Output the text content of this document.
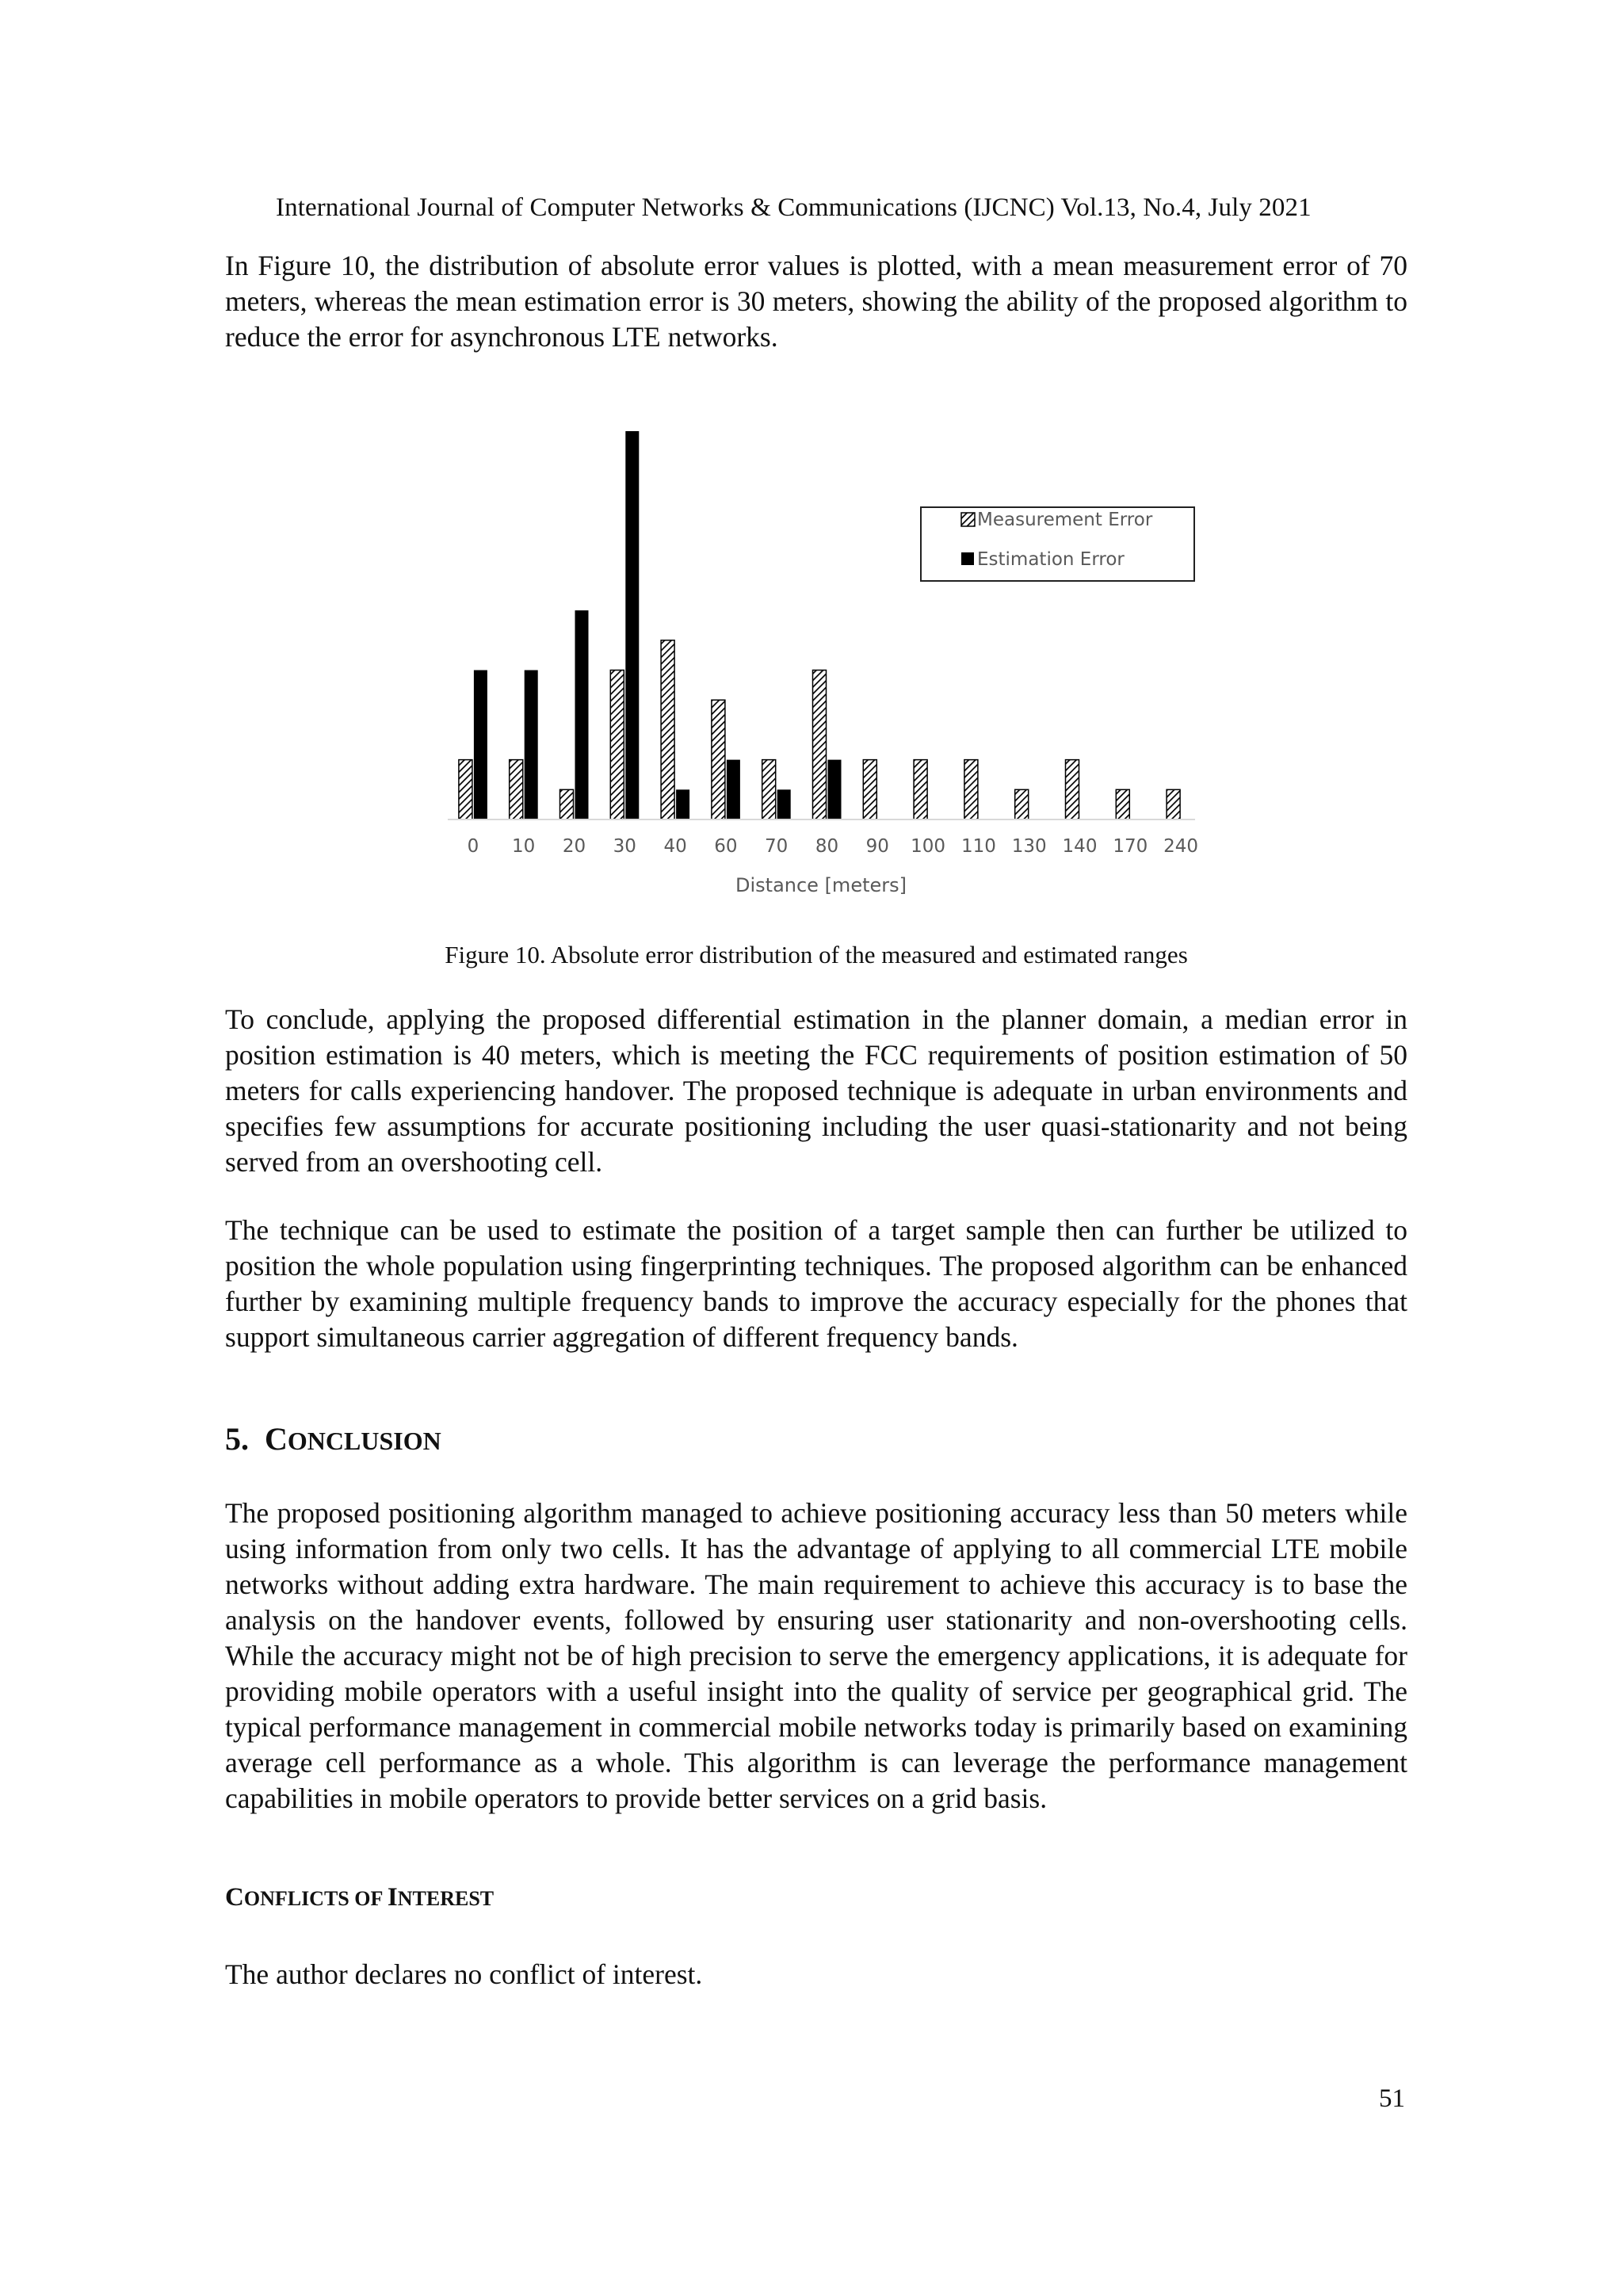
International Journal of Computer Networks & Communications (IJCNC) Vol.13, No.4, July 2021

In Figure 10, the distribution of absolute error values is plotted, with a mean measurement error of 70 meters, whereas the mean estimation error is 30 meters, showing the ability of the proposed algorithm to reduce the error for asynchronous LTE networks.

0 10 20 30 40 60 70 80 90 100 110 130 140 170 240
Distance [meters]
Measurement Error
Estimation Error
Figure 10. Absolute error distribution of the measured and estimated ranges

To conclude, applying the proposed differential estimation in the planner domain, a median error in position estimation is 40 meters, which is meeting the FCC requirements of position estimation of 50 meters for calls experiencing handover. The proposed technique is adequate in urban environments and specifies few assumptions for accurate positioning including the user quasi-stationarity and not being served from an overshooting cell.

The technique can be used to estimate the position of a target sample then can further be utilized to position the whole population using fingerprinting techniques. The proposed algorithm can be enhanced further by examining multiple frequency bands to improve the accuracy especially for the phones that support simultaneous carrier aggregation of different frequency bands.

5. CONCLUSION

The proposed positioning algorithm managed to achieve positioning accuracy less than 50 meters while using information from only two cells. It has the advantage of applying to all commercial LTE mobile networks without adding extra hardware. The main requirement to achieve this accuracy is to base the analysis on the handover events, followed by ensuring user stationarity and non-overshooting cells. While the accuracy might not be of high precision to serve the emergency applications, it is adequate for providing mobile operators with a useful insight into the quality of service per geographical grid. The typical performance management in commercial mobile networks today is primarily based on examining average cell performance as a whole. This algorithm is can leverage the performance management capabilities in mobile operators to provide better services on a grid basis.

CONFLICTS OF INTEREST

The author declares no conflict of interest.

51
